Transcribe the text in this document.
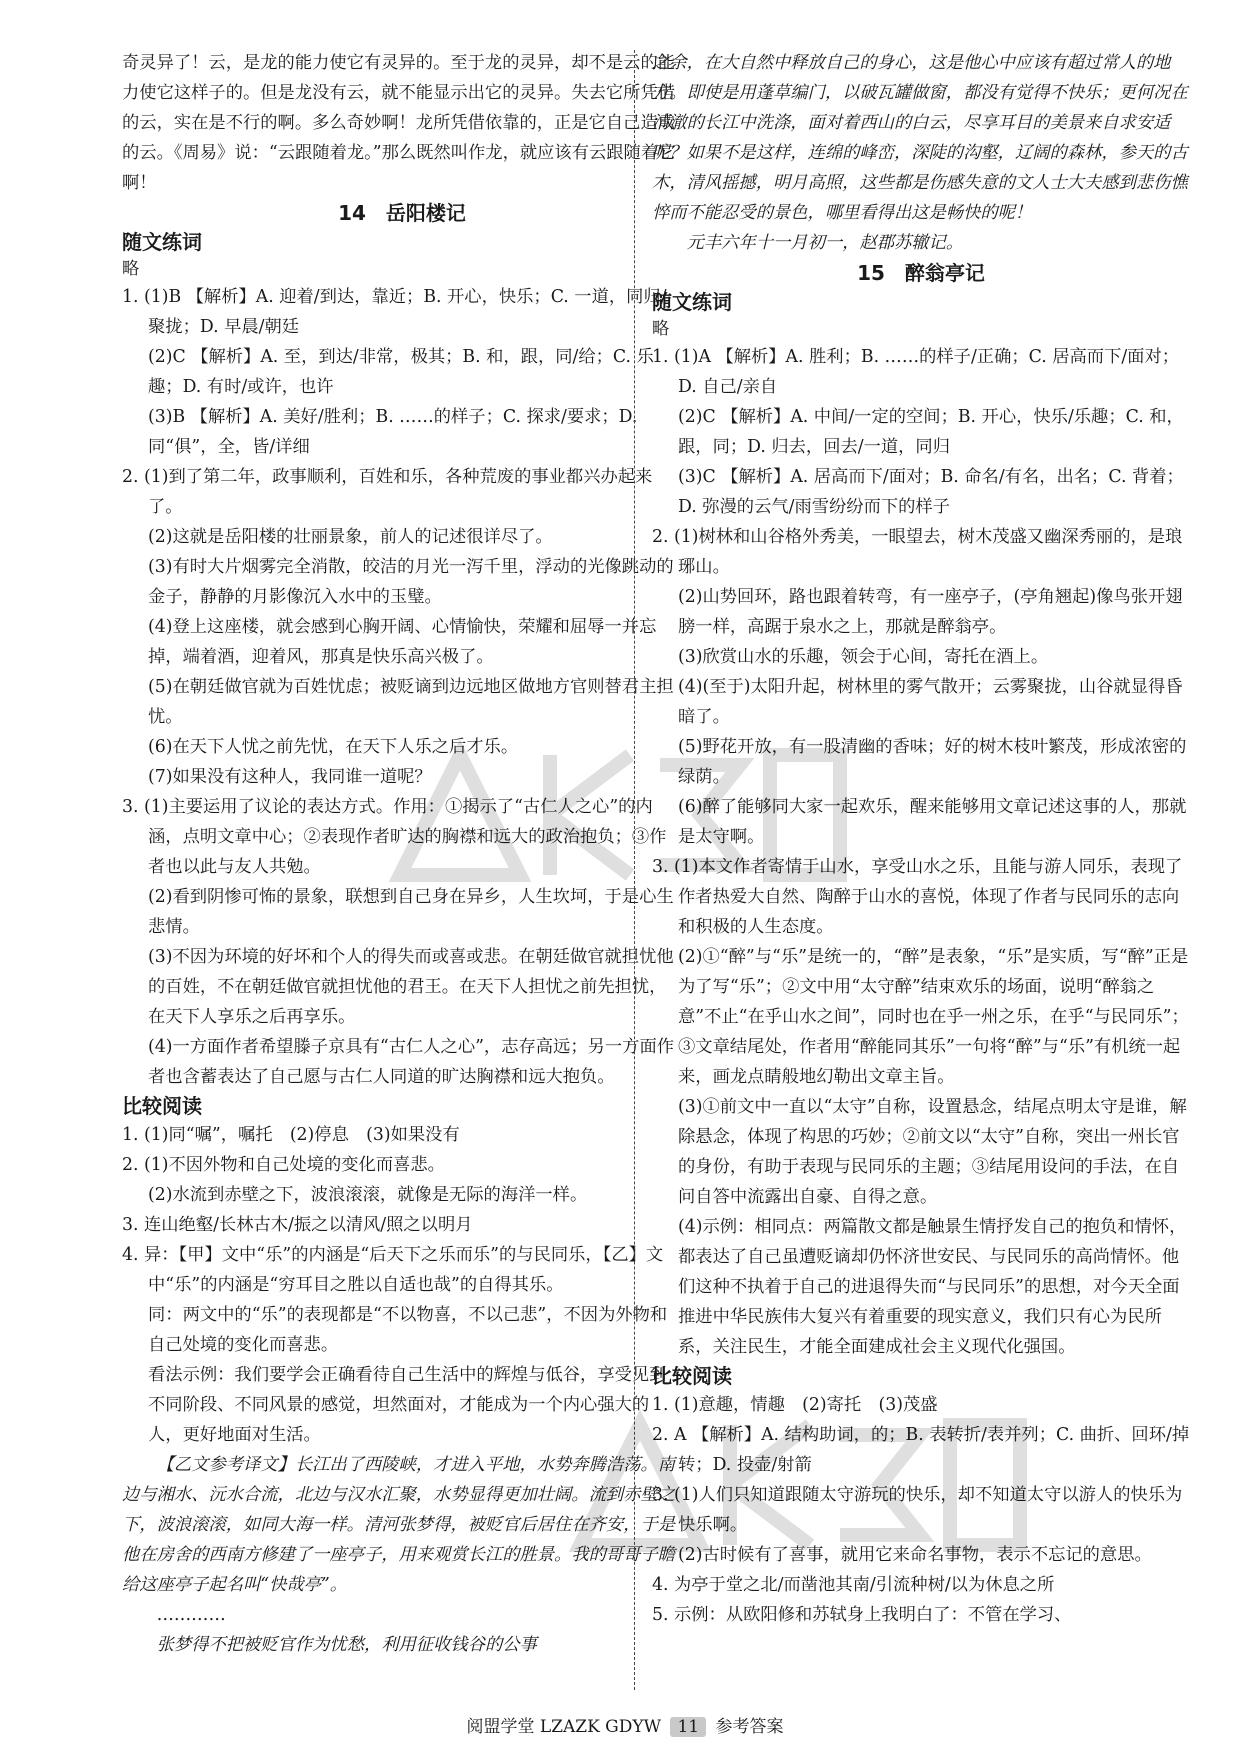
奇灵异了！云，是龙的能力使它有灵异的。至于龙的灵异，却不是云的能力使它这样子的。但是龙没有云，就不能显示出它的灵异。失去它所凭借的云，实在是不行的啊。多么奇妙啊！龙所凭借依靠的，正是它自己造成的云。《周易》说：“云跟随着龙。”那么既然叫作龙，就应该有云跟随着它啊！

14　岳阳楼记

随文练词

略

1. (1)B 【解析】A. 迎着/到达，靠近；B. 开心，快乐；C. 一道，同归/聚拢；D. 早晨/朝廷

(2)C 【解析】A. 至，到达/非常，极其；B. 和，跟，同/给；C. 乐趣；D. 有时/或许，也许

(3)B 【解析】A. 美好/胜利；B. ……的样子；C. 探求/要求；D. 同“俱”，全，皆/详细

2. (1)到了第二年，政事顺利，百姓和乐，各种荒废的事业都兴办起来了。

(2)这就是岳阳楼的壮丽景象，前人的记述很详尽了。

(3)有时大片烟雾完全消散，皎洁的月光一泻千里，浮动的光像跳动的金子，静静的月影像沉入水中的玉璧。

(4)登上这座楼，就会感到心胸开阔、心情愉快，荣耀和屈辱一并忘掉，端着酒，迎着风，那真是快乐高兴极了。

(5)在朝廷做官就为百姓忧虑；被贬谪到边远地区做地方官则替君主担忧。

(6)在天下人忧之前先忧，在天下人乐之后才乐。

(7)如果没有这种人，我同谁一道呢？

3. (1)主要运用了议论的表达方式。作用：①揭示了“古仁人之心”的内涵，点明文章中心；②表现作者旷达的胸襟和远大的政治抱负；③作者也以此与友人共勉。

(2)看到阴惨可怖的景象，联想到自己身在异乡，人生坎坷，于是心生悲情。

(3)不因为环境的好坏和个人的得失而或喜或悲。在朝廷做官就担忧他的百姓，不在朝廷做官就担忧他的君王。在天下人担忧之前先担忧，在天下人享乐之后再享乐。

(4)一方面作者希望滕子京具有“古仁人之心”，志存高远；另一方面作者也含蓄表达了自己愿与古仁人同道的旷达胸襟和远大抱负。

比较阅读

1. (1)同“嘱”，嘱托　(2)停息　(3)如果没有

2. (1)不因外物和自己处境的变化而喜悲。

(2)水流到赤壁之下，波浪滚滚，就像是无际的海洋一样。

3. 连山绝壑/长林古木/振之以清风/照之以明月

4. 异：【甲】文中“乐”的内涵是“后天下之乐而乐”的与民同乐，【乙】文中“乐”的内涵是“穷耳目之胜以自适也哉”的自得其乐。

同：两文中的“乐”的表现都是“不以物喜，不以己悲”，不因为外物和自己处境的变化而喜悲。

看法示例：我们要学会正确看待自己生活中的辉煌与低谷，享受见到不同阶段、不同风景的感觉，坦然面对，才能成为一个内心强大的人，更好地面对生活。

【乙文参考译文】长江出了西陵峡，才进入平地，水势奔腾浩荡。南边与湘水、沅水合流，北边与汉水汇聚，水势显得更加壮阔。流到赤壁之下，波浪滚滚，如同大海一样。清河张梦得，被贬官后居住在齐安，于是他在房舍的西南方修建了一座亭子，用来观赏长江的胜景。我的哥哥子瞻给这座亭子起名叫“快哉亭”。

…………

张梦得不把被贬官作为忧愁，利用征收钱谷的公事

之余，在大自然中释放自己的身心，这是他心中应该有超过常人的地方。即使是用蓬草编门，以破瓦罐做窗，都没有觉得不快乐；更何况在清澈的长江中洗涤，面对着西山的白云，尽享耳目的美景来自求安适呢？如果不是这样，连绵的峰峦，深陡的沟壑，辽阔的森林，参天的古木，清风摇撼，明月高照，这些都是伤感失意的文人士大夫感到悲伤憔悴而不能忍受的景色，哪里看得出这是畅快的呢！

元丰六年十一月初一，赵郡苏辙记。

15　醉翁亭记

随文练词

略

1. (1)A 【解析】A. 胜利；B. ……的样子/正确；C. 居高而下/面对；D. 自己/亲自

(2)C 【解析】A. 中间/一定的空间；B. 开心，快乐/乐趣；C. 和，跟，同；D. 归去，回去/一道，同归

(3)C 【解析】A. 居高而下/面对；B. 命名/有名，出名；C. 背着；D. 弥漫的云气/雨雪纷纷而下的样子

2. (1)树林和山谷格外秀美，一眼望去，树木茂盛又幽深秀丽的，是琅琊山。

(2)山势回环，路也跟着转弯，有一座亭子，(亭角翘起)像鸟张开翅膀一样，高踞于泉水之上，那就是醉翁亭。

(3)欣赏山水的乐趣，领会于心间，寄托在酒上。

(4)(至于)太阳升起，树林里的雾气散开；云雾聚拢，山谷就显得昏暗了。

(5)野花开放，有一股清幽的香味；好的树木枝叶繁茂，形成浓密的绿荫。

(6)醉了能够同大家一起欢乐，醒来能够用文章记述这事的人，那就是太守啊。

3. (1)本文作者寄情于山水，享受山水之乐，且能与游人同乐，表现了作者热爱大自然、陶醉于山水的喜悦，体现了作者与民同乐的志向和积极的人生态度。

(2)①“醉”与“乐”是统一的，“醉”是表象，“乐”是实质，写“醉”正是为了写“乐”；②文中用“太守醉”结束欢乐的场面，说明“醉翁之意”不止“在乎山水之间”，同时也在乎一州之乐，在乎“与民同乐”；③文章结尾处，作者用“醉能同其乐”一句将“醉”与“乐”有机统一起来，画龙点睛般地幻勒出文章主旨。

(3)①前文中一直以“太守”自称，设置悬念，结尾点明太守是谁，解除悬念，体现了构思的巧妙；②前文以“太守”自称，突出一州长官的身份，有助于表现与民同乐的主题；③结尾用设问的手法，在自问自答中流露出自豪、自得之意。

(4)示例：相同点：两篇散文都是触景生情抒发自己的抱负和情怀，都表达了自己虽遭贬谪却仍怀济世安民、与民同乐的高尚情怀。他们这种不执着于自己的进退得失而“与民同乐”的思想，对今天全面推进中华民族伟大复兴有着重要的现实意义，我们只有心为民所系，关注民生，才能全面建成社会主义现代化强国。

比较阅读

1. (1)意趣，情趣　(2)寄托　(3)茂盛

2. A 【解析】A. 结构助词，的；B. 表转折/表并列；C. 曲折、回环/掉转；D. 投壶/射箭

3. (1)人们只知道跟随太守游玩的快乐，却不知道太守以游人的快乐为快乐啊。

(2)古时候有了喜事，就用它来命名事物，表示不忘记的意思。

4. 为亭于堂之北/而凿池其南/引流种树/以为休息之所

5. 示例：从欧阳修和苏轼身上我明白了：不管在学习、

阅盟学堂 LZAZK GDYW 11 参考答案
